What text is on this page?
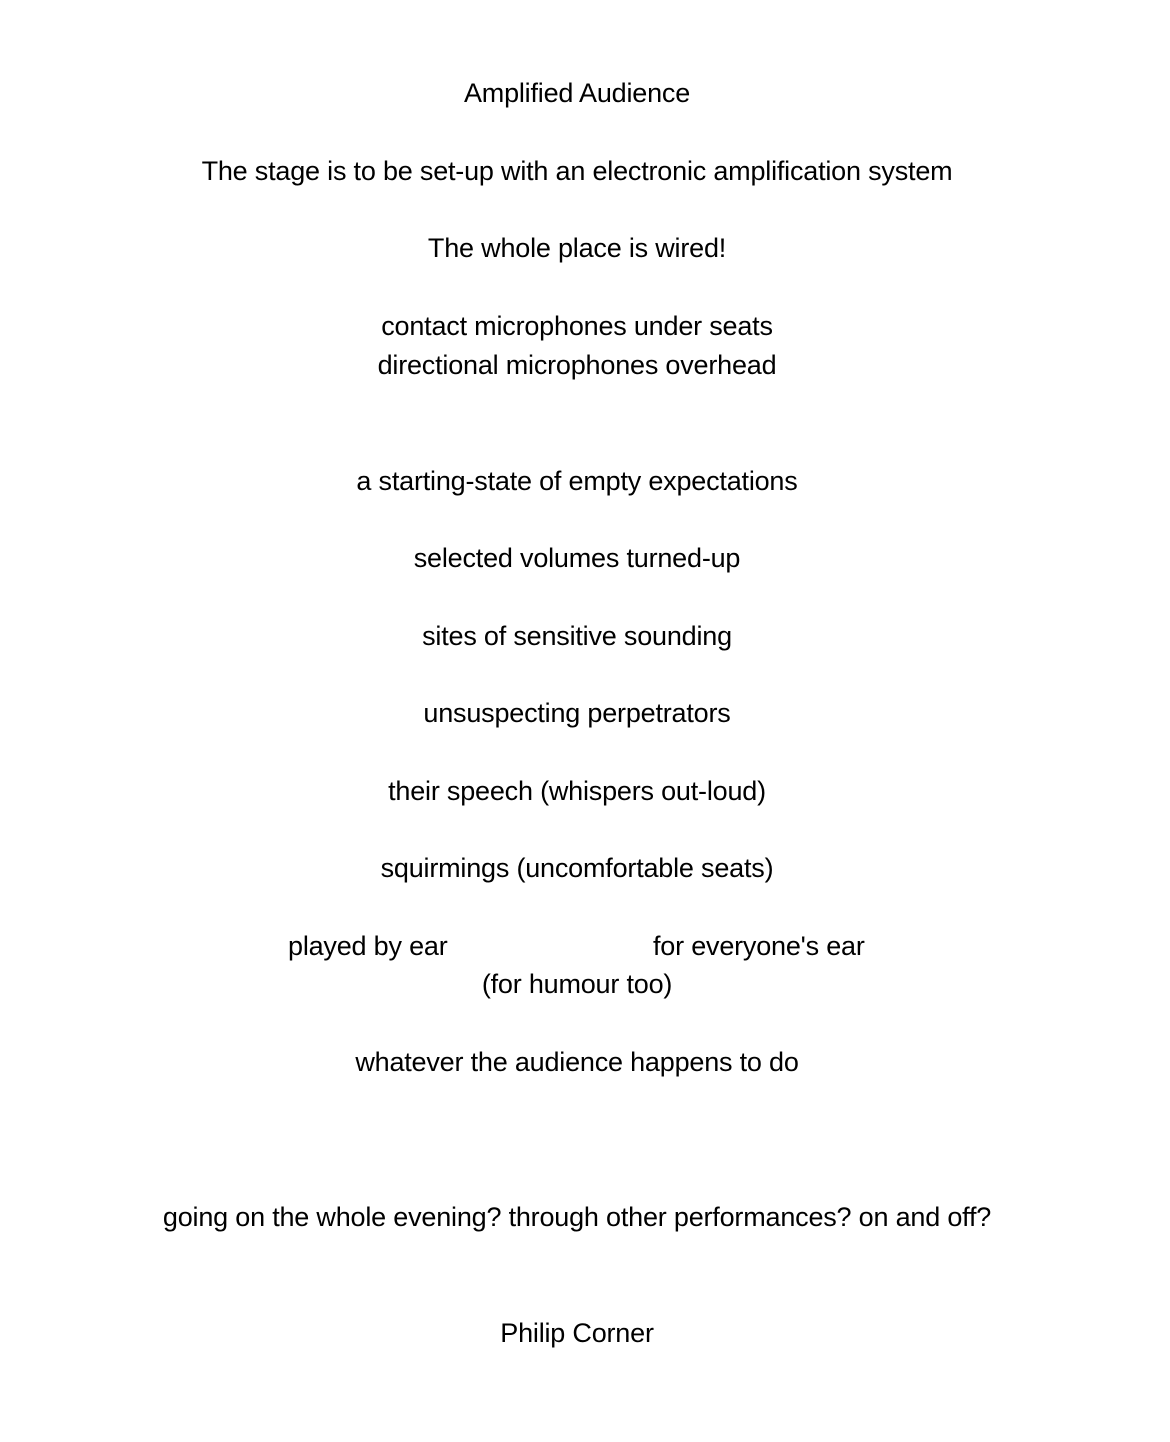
Amplified Audience
The stage is to be set-up with an electronic amplification system
The whole place is wired!
contact microphones under seats
directional microphones overhead
a starting-state of empty expectations
selected volumes turned-up
sites of sensitive sounding
unsuspecting perpetrators
their speech (whispers out-loud)
squirmings (uncomfortable seats)
played by ear	for everyone's ear
(for humour too)
whatever the audience happens to do
going on the whole evening? through other performances? on and off?
Philip Corner
